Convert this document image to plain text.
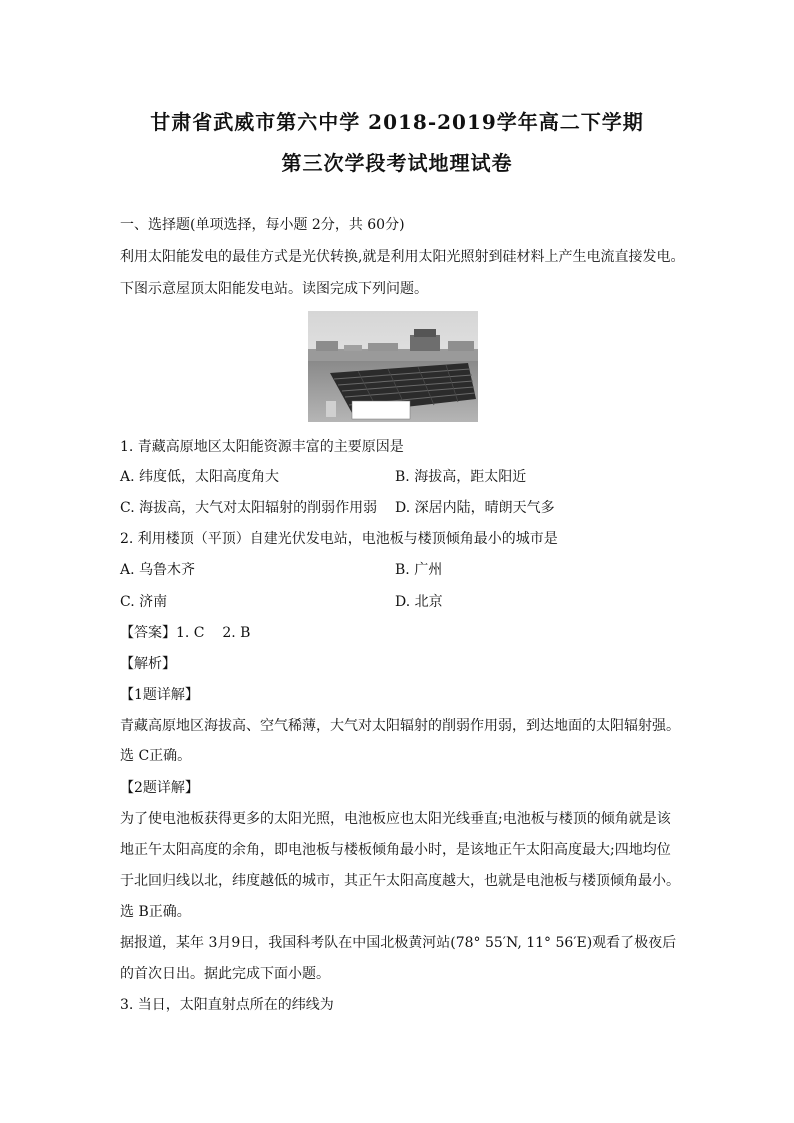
甘肃省武威市第六中学 2018-2019学年高二下学期
第三次学段考试地理试卷
一、选择题(单项选择，每小题 2分，共 60分)
利用太阳能发电的最佳方式是光伏转换,就是利用太阳光照射到硅材料上产生电流直接发电。
下图示意屋顶太阳能发电站。读图完成下列问题。
1. 青藏高原地区太阳能资源丰富的主要原因是
A. 纬度低，太阳高度角大	B. 海拔高，距太阳近
C. 海拔高，大气对太阳辐射的削弱作用弱	D. 深居内陆，晴朗天气多
2. 利用楼顶（平顶）自建光伏发电站，电池板与楼顶倾角最小的城市是
A. 乌鲁木齐	B. 广州
C. 济南	D. 北京
【答案】1. C    2. B
【解析】
【1题详解】
青藏高原地区海拔高、空气稀薄，大气对太阳辐射的削弱作用弱，到达地面的太阳辐射强。
选 C正确。
【2题详解】
为了使电池板获得更多的太阳光照，电池板应也太阳光线垂直;电池板与楼顶的倾角就是该
地正午太阳高度的余角，即电池板与楼板倾角最小时，是该地正午太阳高度最大;四地均位
于北回归线以北，纬度越低的城市，其正午太阳高度越大，也就是电池板与楼顶倾角最小。
选 B正确。
据报道，某年 3月9日，我国科考队在中国北极黄河站(78° 55′N, 11° 56′E)观看了极夜后
的首次日出。据此完成下面小题。
3. 当日，太阳直射点所在的纬线为
